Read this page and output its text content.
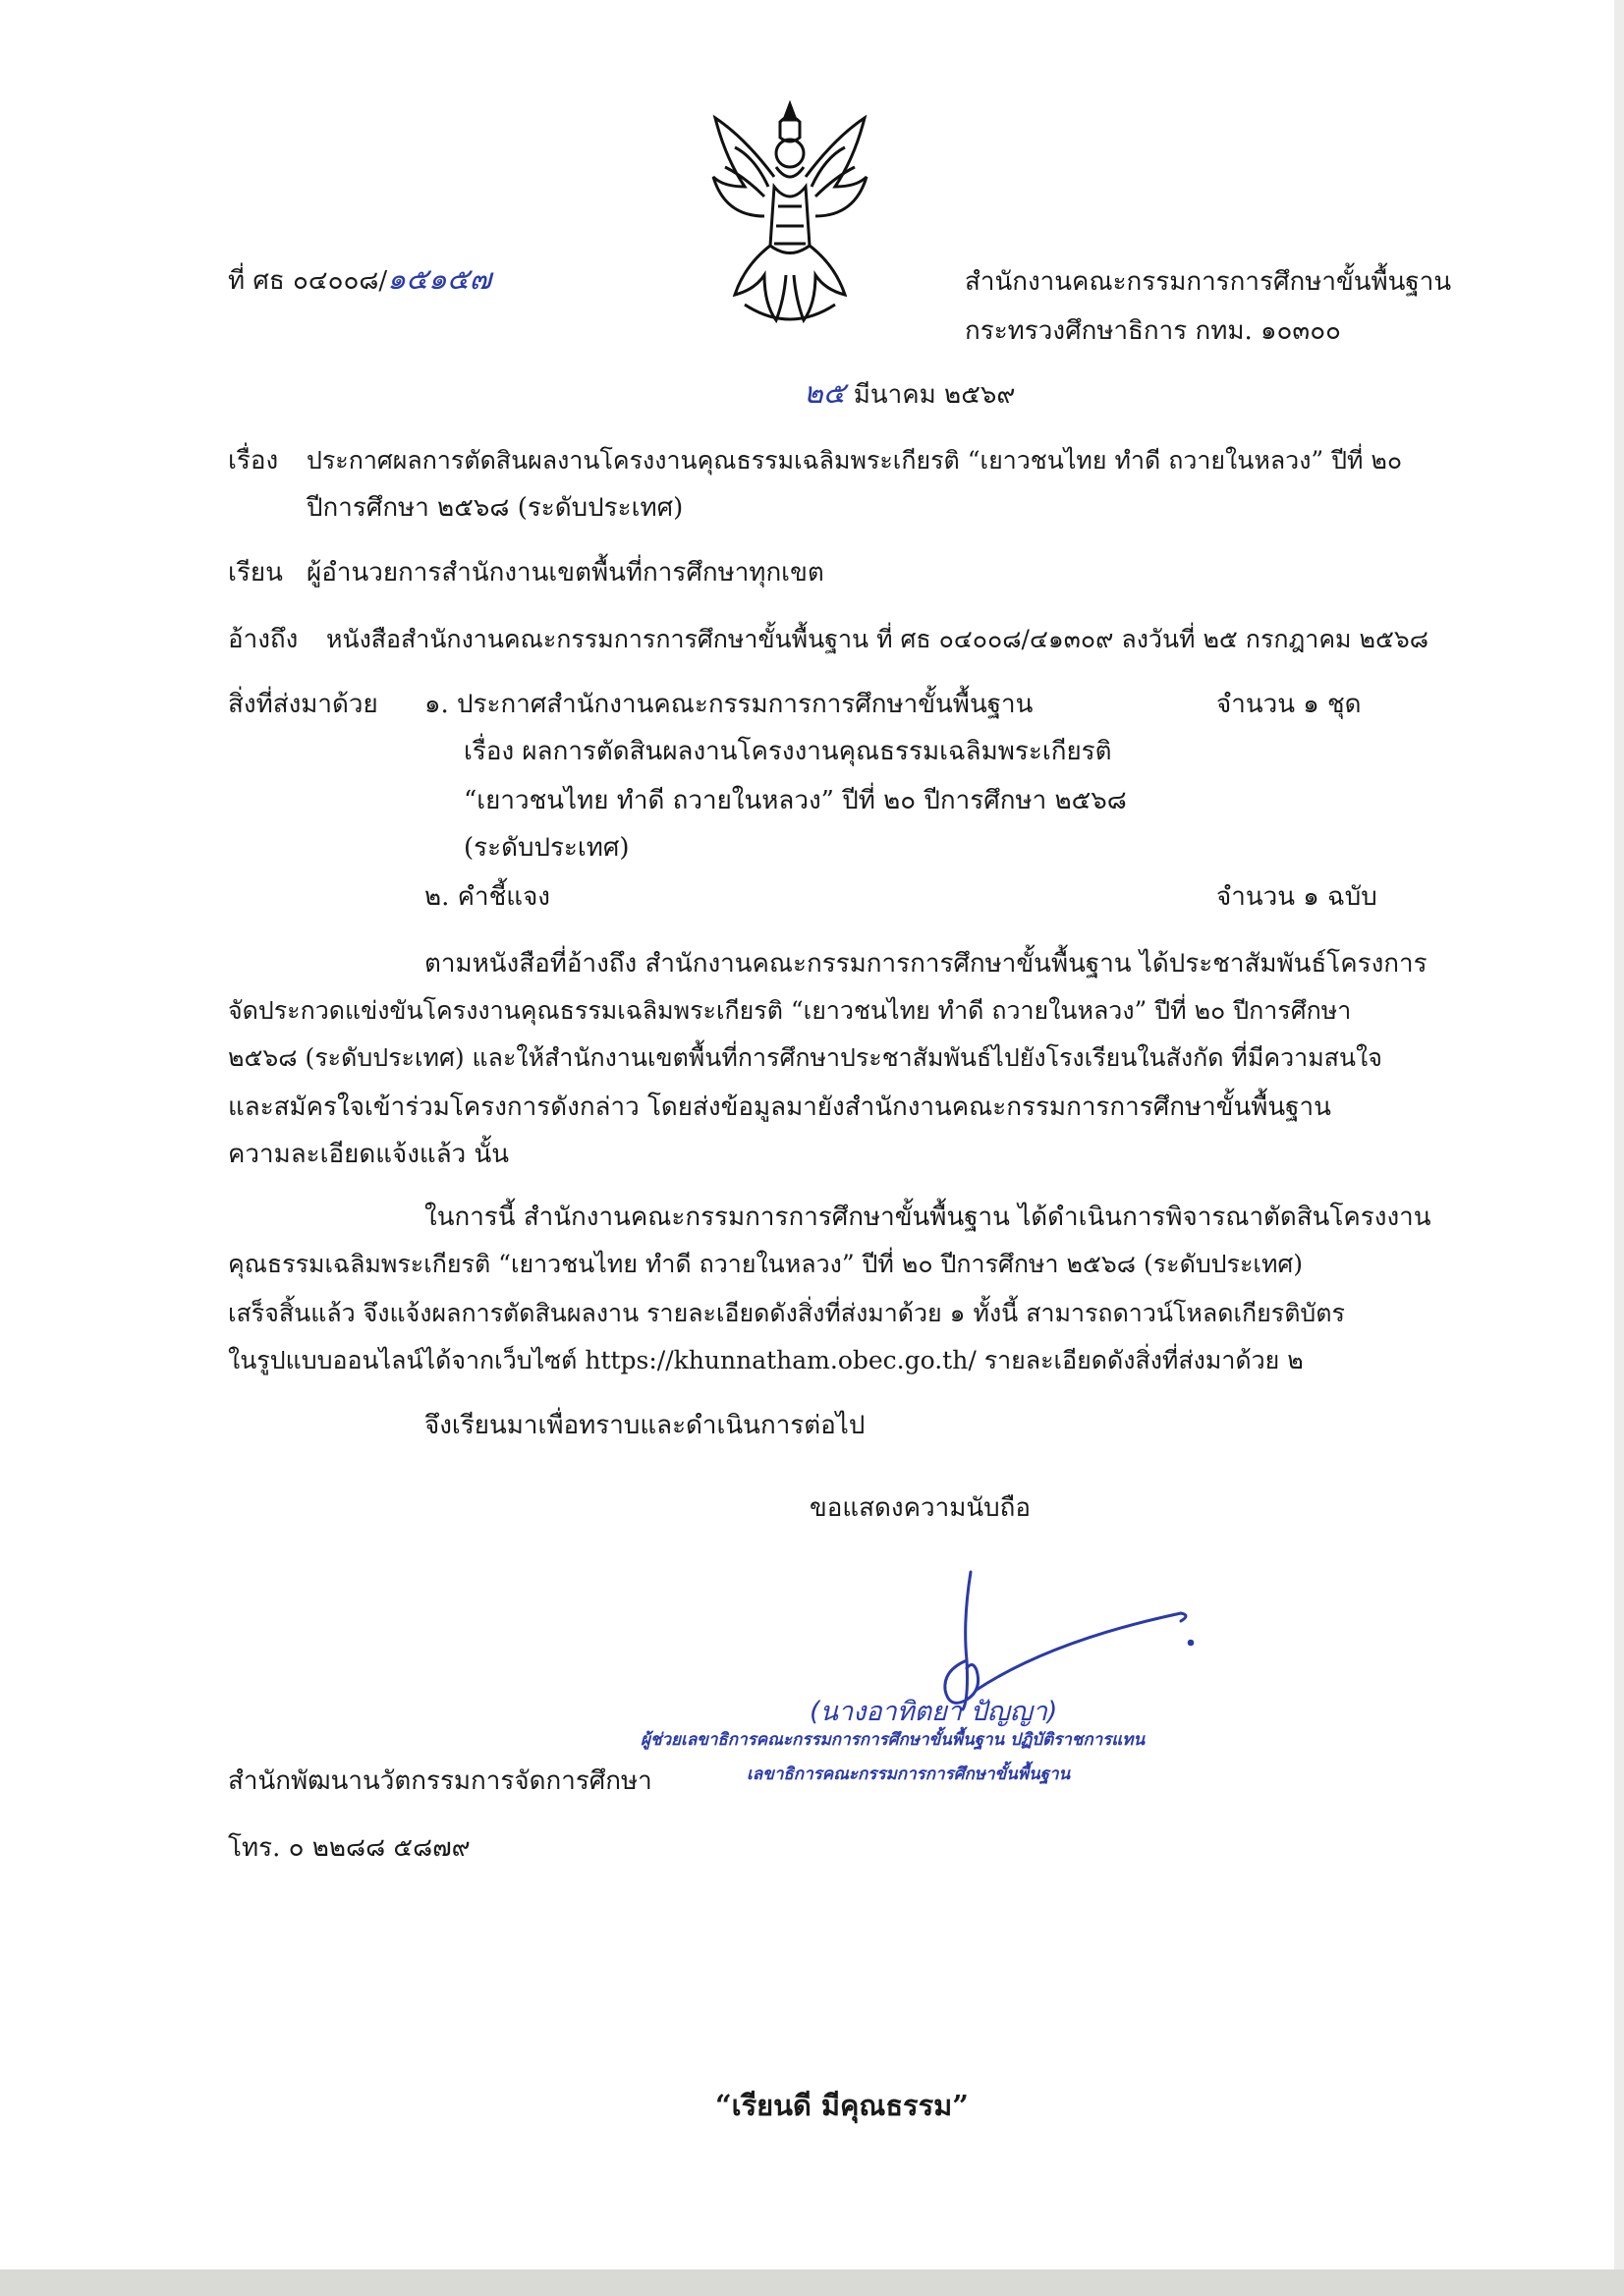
ที่ ศธ ๐๔๐๐๘/๑๕๑๕๗	สำนักงานคณะกรรมการการศึกษาขั้นพื้นฐาน
กระทรวงศึกษาธิการ กทม. ๑๐๓๐๐
๒๕ มีนาคม ๒๕๖๙
เรื่อง ประกาศผลการตัดสินผลงานโครงงานคุณธรรมเฉลิมพระเกียรติ “เยาวชนไทย ทำดี ถวายในหลวง” ปีที่ ๒๐
ปีการศึกษา ๒๕๖๘ (ระดับประเทศ)
เรียน ผู้อำนวยการสำนักงานเขตพื้นที่การศึกษาทุกเขต
อ้างถึง หนังสือสำนักงานคณะกรรมการการศึกษาขั้นพื้นฐาน ที่ ศธ ๐๔๐๐๘/๔๑๓๐๙ ลงวันที่ ๒๕ กรกฎาคม ๒๕๖๘
สิ่งที่ส่งมาด้วย ๑. ประกาศสำนักงานคณะกรรมการการศึกษาขั้นพื้นฐาน	จำนวน ๑ ชุด
เรื่อง ผลการตัดสินผลงานโครงงานคุณธรรมเฉลิมพระเกียรติ
“เยาวชนไทย ทำดี ถวายในหลวง” ปีที่ ๒๐ ปีการศึกษา ๒๕๖๘
(ระดับประเทศ)
๒. คำชี้แจง	จำนวน ๑ ฉบับ
ตามหนังสือที่อ้างถึง สำนักงานคณะกรรมการการศึกษาขั้นพื้นฐาน ได้ประชาสัมพันธ์โครงการ
จัดประกวดแข่งขันโครงงานคุณธรรมเฉลิมพระเกียรติ “เยาวชนไทย ทำดี ถวายในหลวง” ปีที่ ๒๐ ปีการศึกษา
๒๕๖๘ (ระดับประเทศ) และให้สำนักงานเขตพื้นที่การศึกษาประชาสัมพันธ์ไปยังโรงเรียนในสังกัด ที่มีความสนใจ
และสมัครใจเข้าร่วมโครงการดังกล่าว โดยส่งข้อมูลมายังสำนักงานคณะกรรมการการศึกษาขั้นพื้นฐาน
ความละเอียดแจ้งแล้ว นั้น
ในการนี้ สำนักงานคณะกรรมการการศึกษาขั้นพื้นฐาน ได้ดำเนินการพิจารณาตัดสินโครงงาน
คุณธรรมเฉลิมพระเกียรติ “เยาวชนไทย ทำดี ถวายในหลวง” ปีที่ ๒๐ ปีการศึกษา ๒๕๖๘ (ระดับประเทศ)
เสร็จสิ้นแล้ว จึงแจ้งผลการตัดสินผลงาน รายละเอียดดังสิ่งที่ส่งมาด้วย ๑ ทั้งนี้ สามารถดาวน์โหลดเกียรติบัตร
ในรูปแบบออนไลน์ได้จากเว็บไซต์ https://khunnatham.obec.go.th/ รายละเอียดดังสิ่งที่ส่งมาด้วย ๒
จึงเรียนมาเพื่อทราบและดำเนินการต่อไป
ขอแสดงความนับถือ
(นางอาทิตยา ปัญญา)
ผู้ช่วยเลขาธิการคณะกรรมการการศึกษาขั้นพื้นฐาน ปฏิบัติราชการแทน
เลขาธิการคณะกรรมการการศึกษาขั้นพื้นฐาน
สำนักพัฒนานวัตกรรมการจัดการศึกษา
โทร. ๐ ๒๒๘๘ ๕๘๗๙
“เรียนดี มีคุณธรรม”
